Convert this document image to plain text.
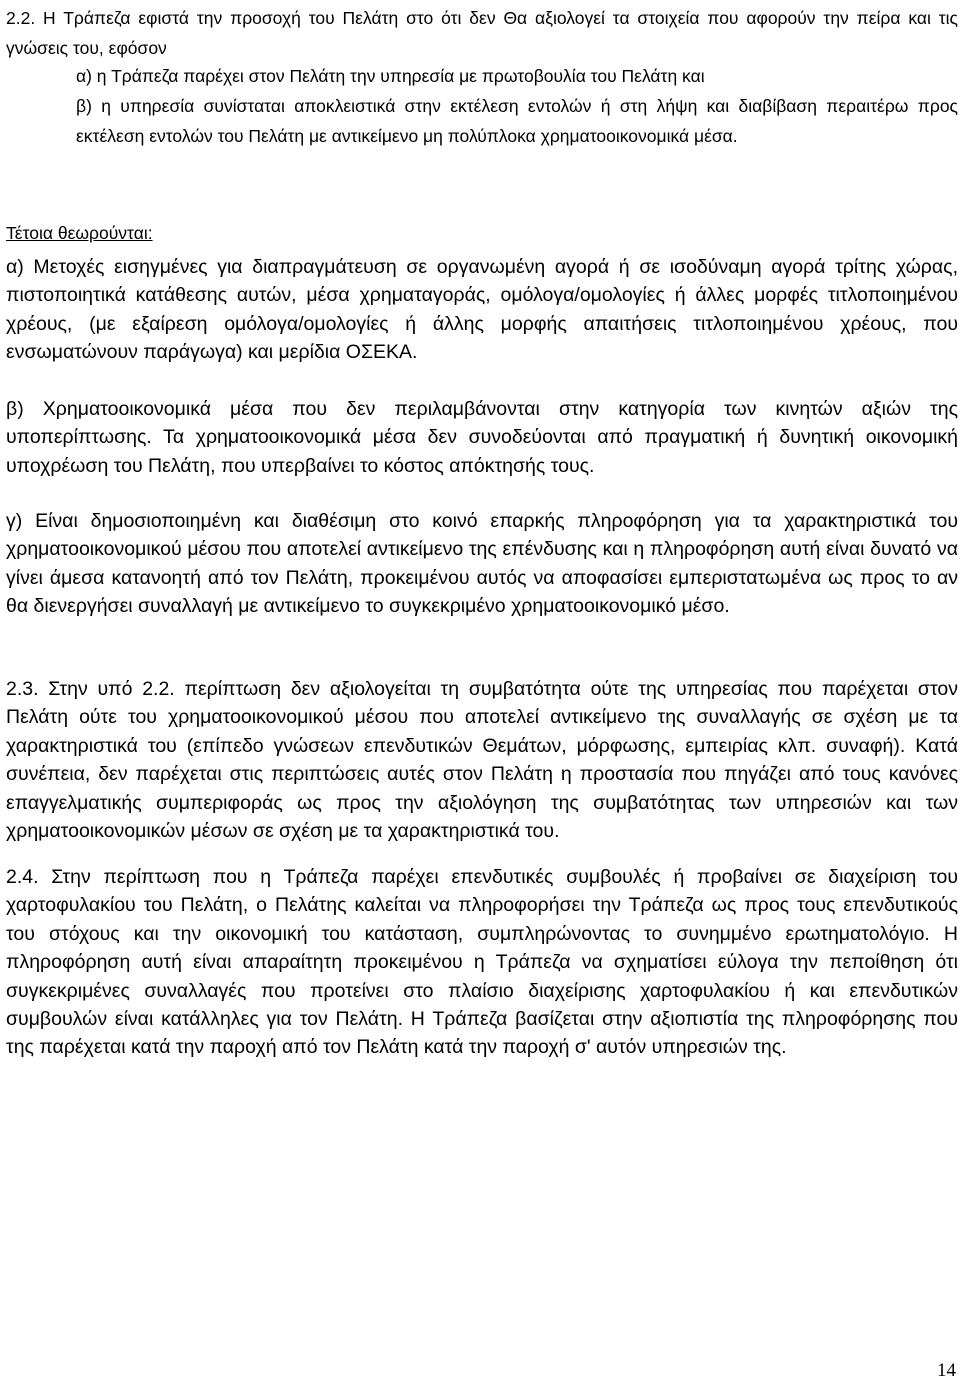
2.2. Η Τράπεζα εφιστά την προσοχή του Πελάτη στο ότι δεν Θα αξιολογεί τα στοιχεία που αφορούν την πείρα και τις γνώσεις του, εφόσον

α) η Τράπεζα παρέχει στον Πελάτη την υπηρεσία με πρωτοβουλία του Πελάτη και

β) η υπηρεσία συνίσταται αποκλειστικά στην εκτέλεση εντολών ή στη λήψη και διαβίβαση περαιτέρω προς εκτέλεση εντολών του Πελάτη με αντικείμενο μη πολύπλοκα χρηματοοικονομικά μέσα.

Τέτοια θεωρούνται:

α) Μετοχές εισηγμένες για διαπραγμάτευση σε οργανωμένη αγορά ή σε ισοδύναμη αγορά τρίτης χώρας, πιστοποιητικά κατάθεσης αυτών, μέσα χρηματαγοράς, ομόλογα/ομολογίες ή άλλες μορφές τιτλοποιημένου χρέους, (με εξαίρεση ομόλογα/ομολογίες ή άλλης μορφής απαιτήσεις τιτλοποιημένου χρέους, που ενσωματώνουν παράγωγα) και μερίδια ΟΣΕΚΑ.

β) Χρηματοοικονομικά μέσα που δεν περιλαμβάνονται στην κατηγορία των κινητών αξιών της υποπερίπτωσης. Τα χρηματοοικονομικά μέσα δεν συνοδεύονται από πραγματική ή δυνητική οικονομική υποχρέωση του Πελάτη, που υπερβαίνει το κόστος απόκτησής τους.

γ) Είναι δημοσιοποιημένη και διαθέσιμη στο κοινό επαρκής πληροφόρηση για τα χαρακτηριστικά του χρηματοοικονομικού μέσου που αποτελεί αντικείμενο της επένδυσης και η πληροφόρηση αυτή είναι δυνατό να γίνει άμεσα κατανοητή από τον Πελάτη, προκειμένου αυτός να αποφασίσει εμπεριστατωμένα ως προς το αν θα διενεργήσει συναλλαγή με αντικείμενο το συγκεκριμένο χρηματοοικονομικό μέσο.

2.3. Στην υπό 2.2. περίπτωση δεν αξιολογείται τη συμβατότητα ούτε της υπηρεσίας που παρέχεται στον Πελάτη ούτε του χρηματοοικονομικού μέσου που αποτελεί αντικείμενο της συναλλαγής σε σχέση με τα χαρακτηριστικά του (επίπεδο γνώσεων επενδυτικών Θεμάτων, μόρφωσης, εμπειρίας κλπ. συναφή). Κατά συνέπεια, δεν παρέχεται στις περιπτώσεις αυτές στον Πελάτη η προστασία που πηγάζει από τους κανόνες επαγγελματικής συμπεριφοράς ως προς την αξιολόγηση της συμβατότητας των υπηρεσιών και των χρηματοοικονομικών μέσων σε σχέση με τα χαρακτηριστικά του.

2.4. Στην περίπτωση που η Τράπεζα παρέχει επενδυτικές συμβουλές ή προβαίνει σε διαχείριση του χαρτοφυλακίου του Πελάτη, ο Πελάτης καλείται να πληροφορήσει την Τράπεζα ως προς τους επενδυτικούς του στόχους και την οικονομική του κατάσταση, συμπληρώνοντας το συνημμένο ερωτηματολόγιο. Η πληροφόρηση αυτή είναι απαραίτητη προκειμένου η Τράπεζα να σχηματίσει εύλογα την πεποίθηση ότι συγκεκριμένες συναλλαγές που προτείνει στο πλαίσιο διαχείρισης χαρτοφυλακίου ή και επενδυτικών συμβουλών είναι κατάλληλες για τον Πελάτη. Η Τράπεζα βασίζεται στην αξιοπιστία της πληροφόρησης που της παρέχεται κατά την παροχή από τον Πελάτη κατά την παροχή σ' αυτόν υπηρεσιών της.

14
